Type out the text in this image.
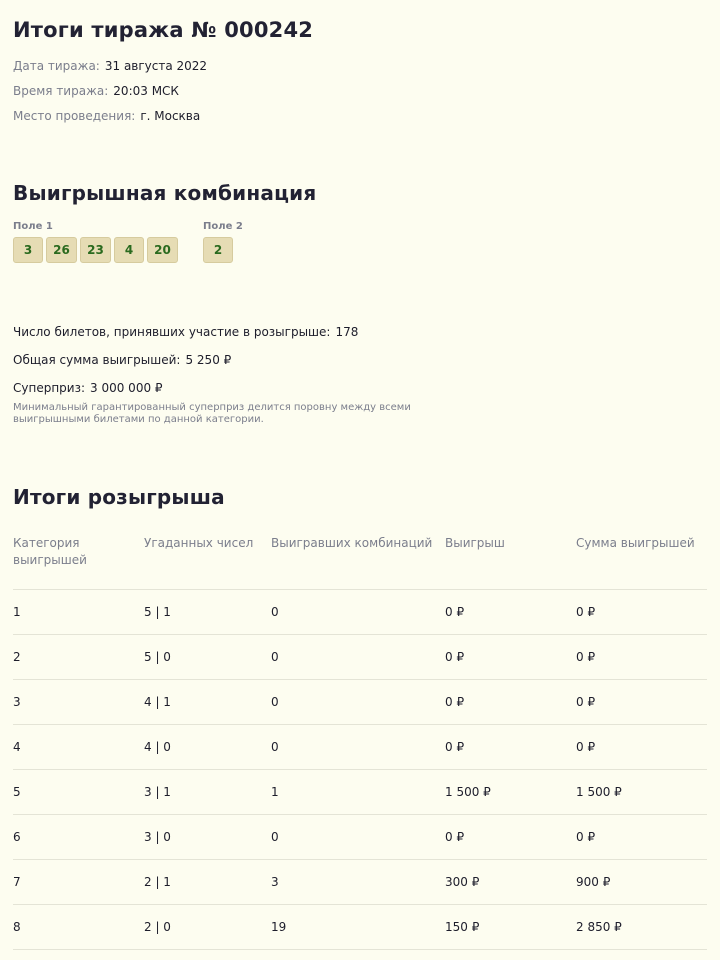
Итоги тиража № 000242
Дата тиража: 31 августа 2022
Время тиража: 20:03 МСК
Место проведения: г. Москва
Выигрышная комбинация
Поле 1
3	26	23	4	20
Поле 2
2
Число билетов, принявших участие в розыгрыше: 178
Общая сумма выигрышей: 5 250 ₽
Суперприз: 3 000 000 ₽
Минимальный гарантированный суперприз делится поровну между всеми выигрышными билетами по данной категории.
Итоги розыгрыша
Категория выигрышей	Угаданных чисел	Выигравших комбинаций	Выигрыш	Сумма выигрышей
1	5 | 1	0	0 ₽	0 ₽
2	5 | 0	0	0 ₽	0 ₽
3	4 | 1	0	0 ₽	0 ₽
4	4 | 0	0	0 ₽	0 ₽
5	3 | 1	1	1 500 ₽	1 500 ₽
6	3 | 0	0	0 ₽	0 ₽
7	2 | 1	3	300 ₽	900 ₽
8	2 | 0	19	150 ₽	2 850 ₽
